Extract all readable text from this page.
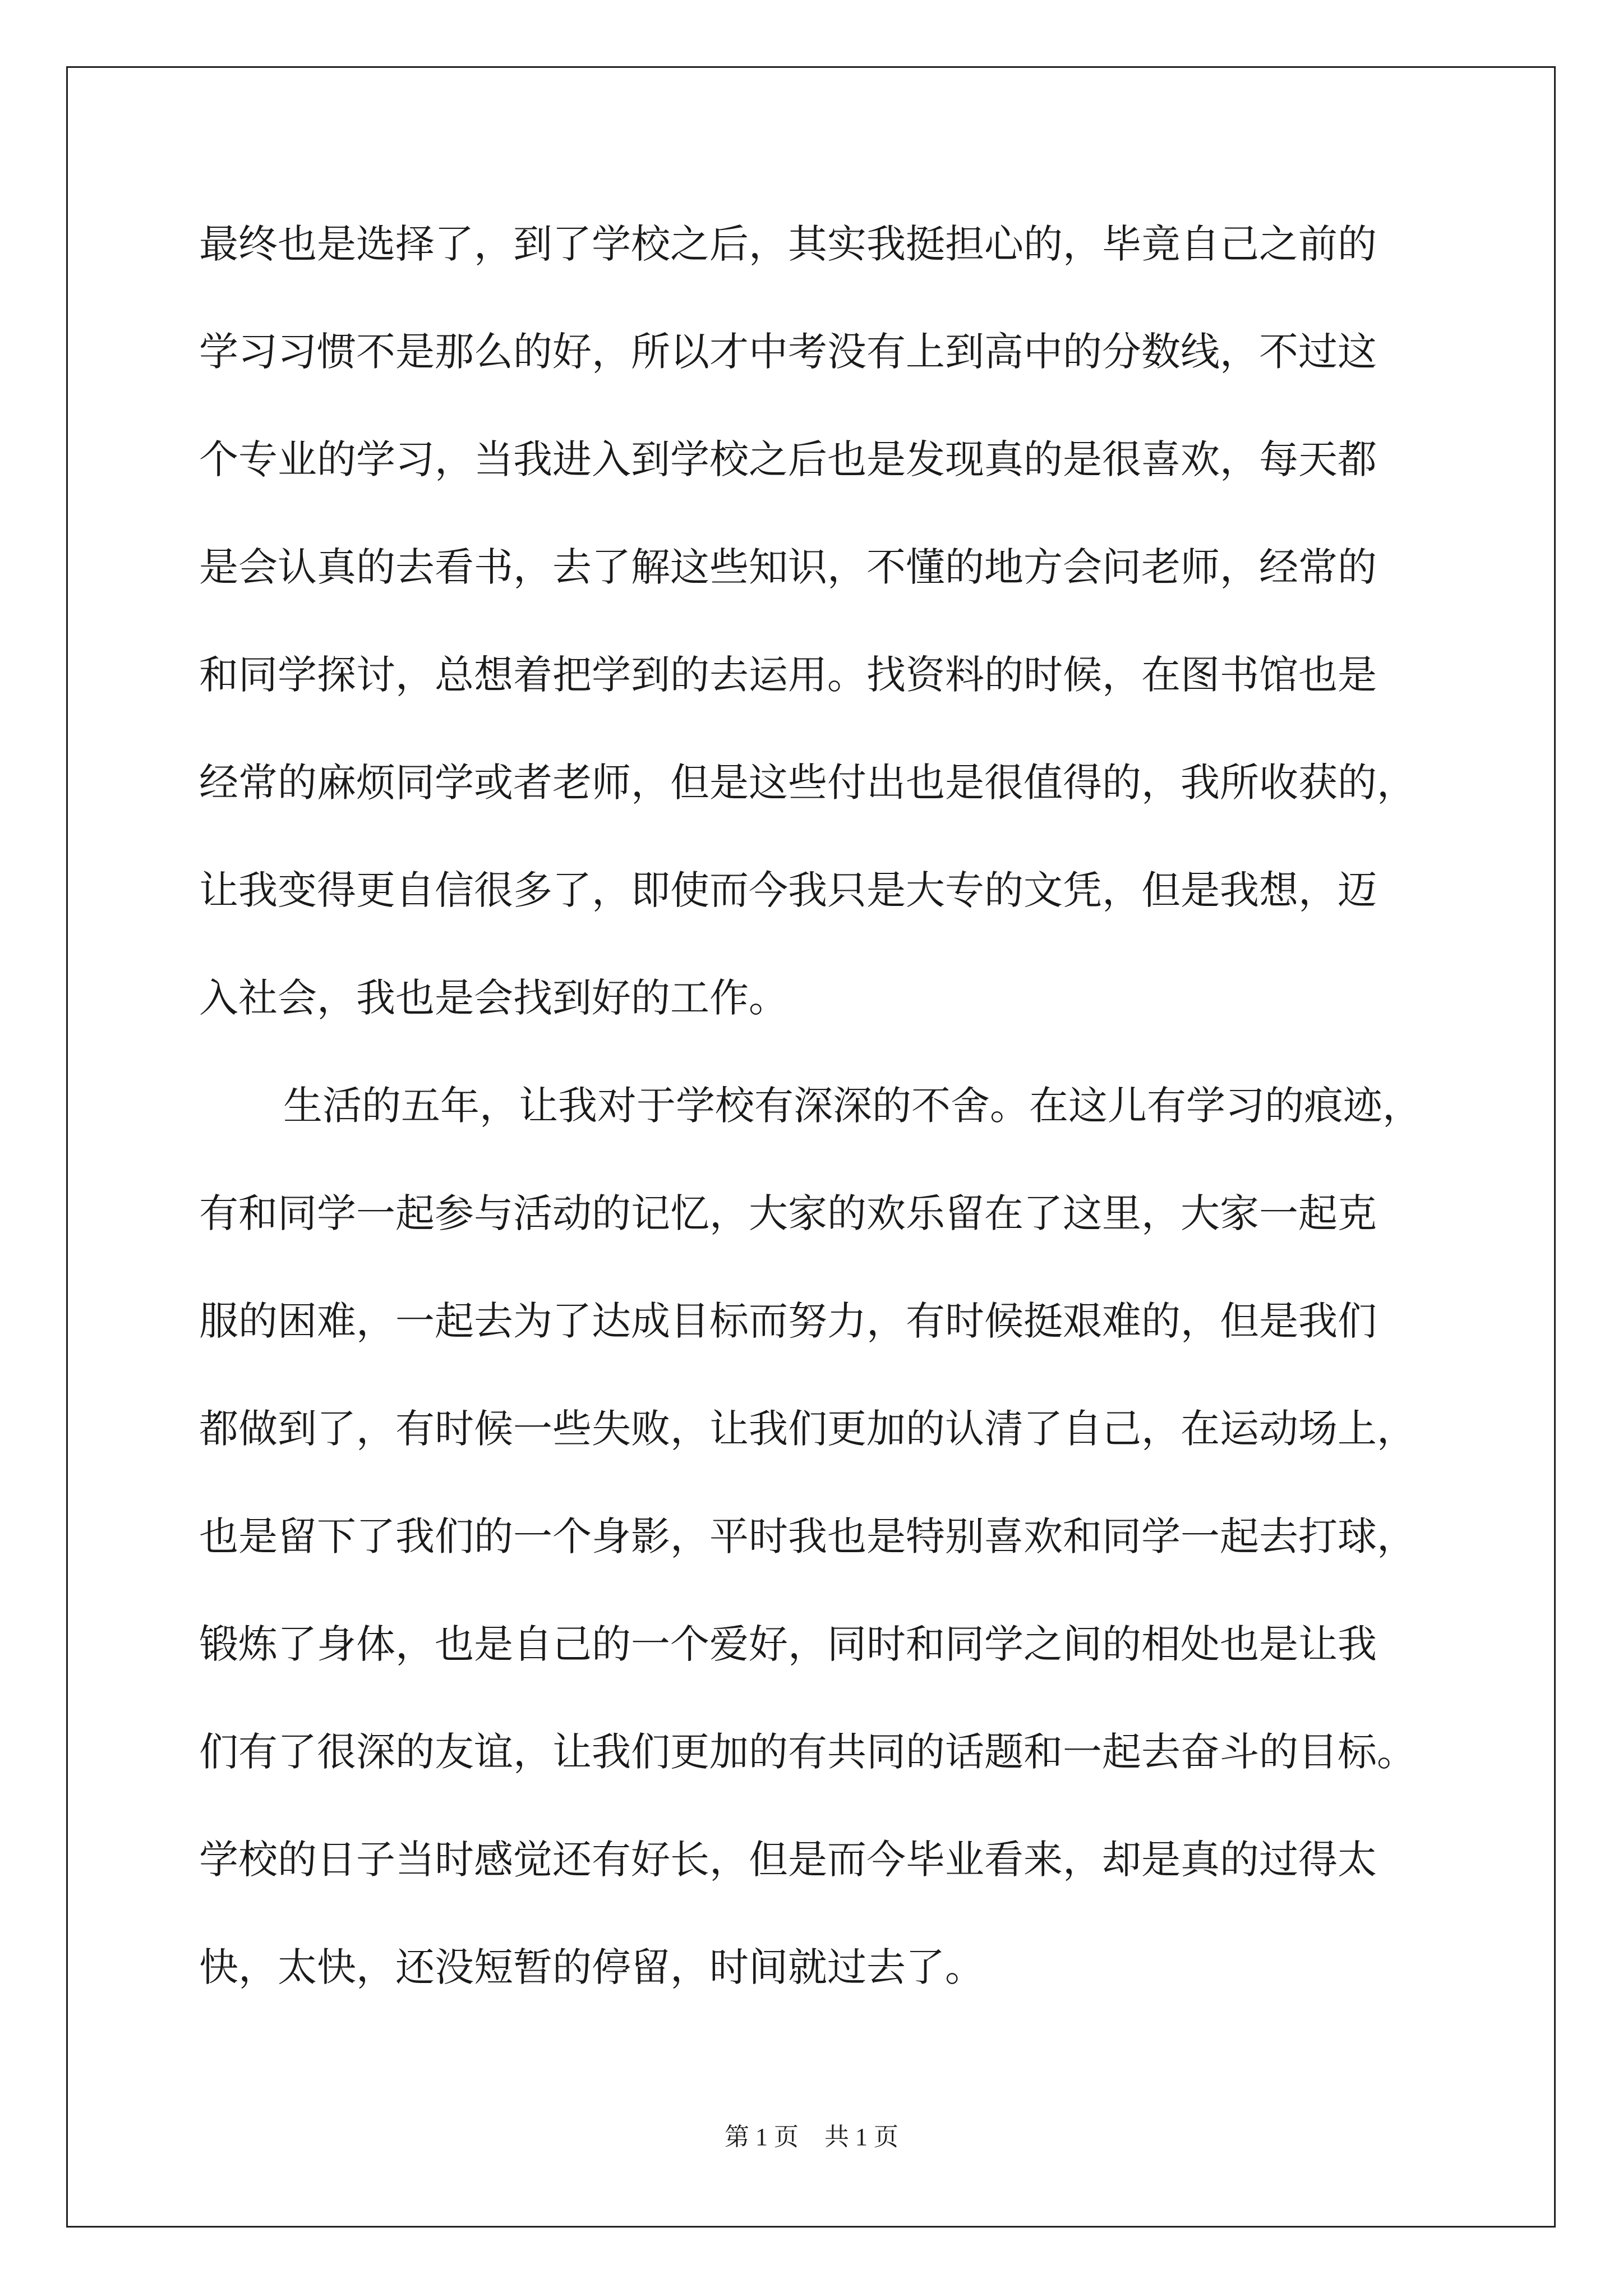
最终也是选择了，到了学校之后，其实我挺担心的，毕竟自己之前的
学习习惯不是那么的好，所以才中考没有上到高中的分数线，不过这
个专业的学习，当我进入到学校之后也是发现真的是很喜欢，每天都
是会认真的去看书，去了解这些知识，不懂的地方会问老师，经常的
和同学探讨，总想着把学到的去运用。找资料的时候，在图书馆也是
经常的麻烦同学或者老师，但是这些付出也是很值得的，我所收获的，
让我变得更自信很多了，即使而今我只是大专的文凭，但是我想，迈
入社会，我也是会找到好的工作。
生活的五年，让我对于学校有深深的不舍。在这儿有学习的痕迹，
有和同学一起参与活动的记忆，大家的欢乐留在了这里，大家一起克
服的困难，一起去为了达成目标而努力，有时候挺艰难的，但是我们
都做到了，有时候一些失败，让我们更加的认清了自己，在运动场上，
也是留下了我们的一个身影，平时我也是特别喜欢和同学一起去打球，
锻炼了身体，也是自己的一个爱好，同时和同学之间的相处也是让我
们有了很深的友谊，让我们更加的有共同的话题和一起去奋斗的目标。
学校的日子当时感觉还有好长，但是而今毕业看来，却是真的过得太
快，太快，还没短暂的停留，时间就过去了。
第 1 页 共 1 页
